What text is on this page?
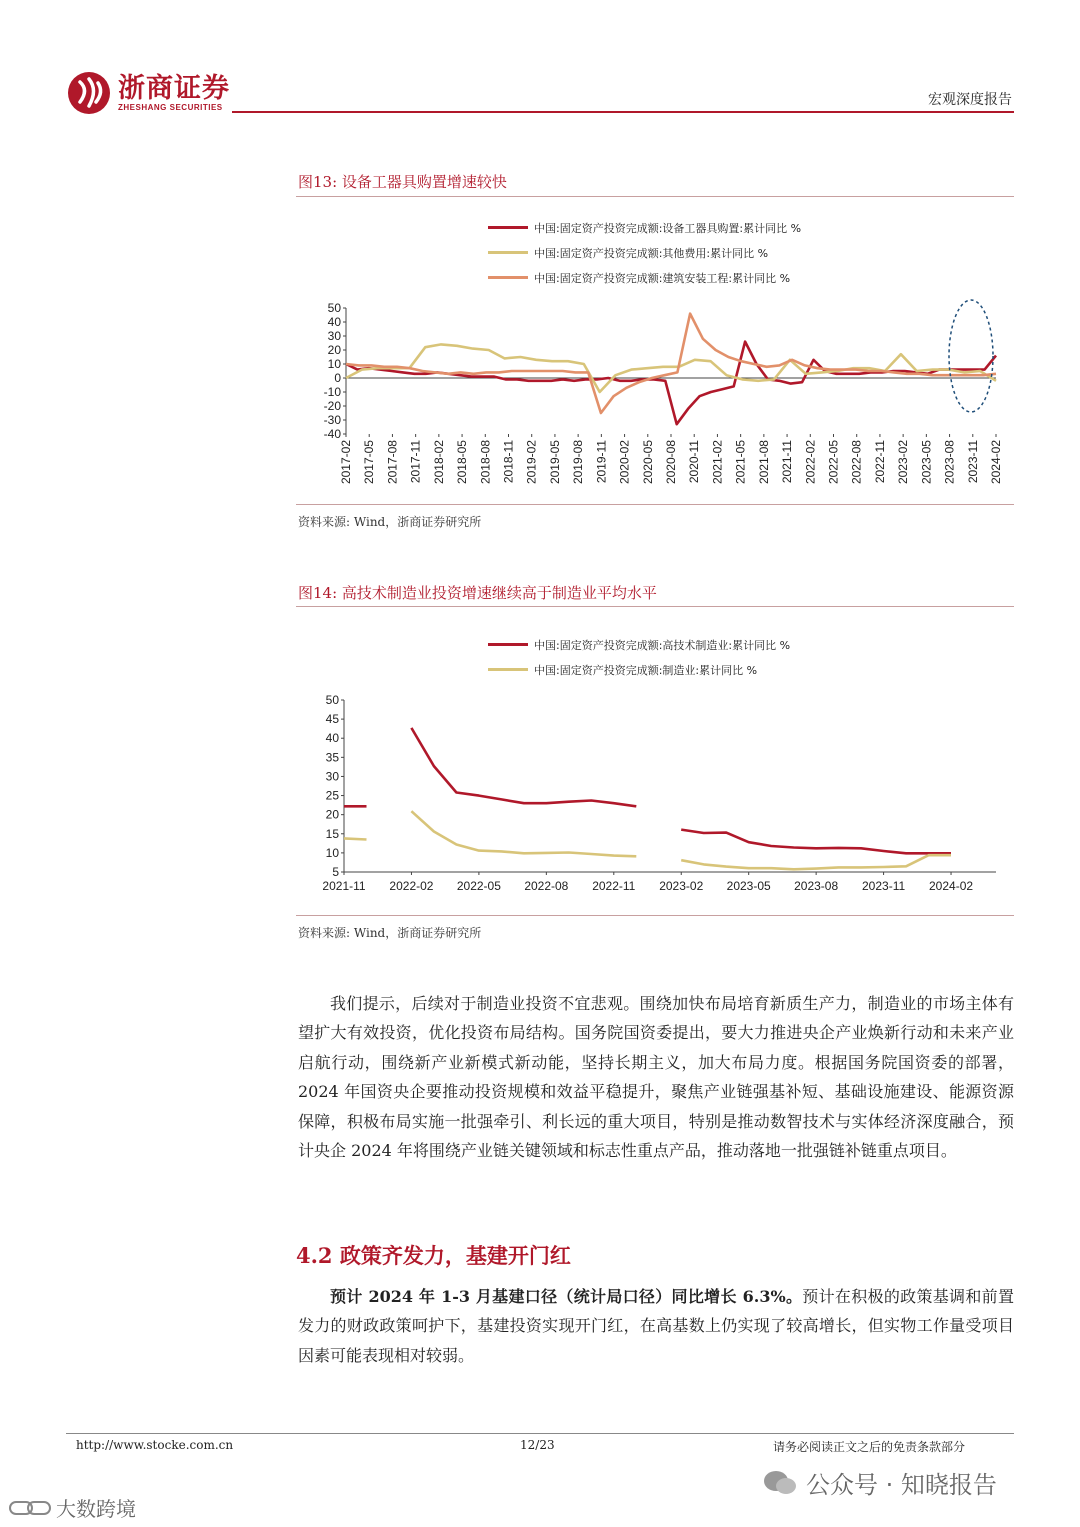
浙商证券
ZHESHANG SECURITIES	宏观深度报告
图13: 设备工器具购置增速较快
中国:固定资产投资完成额:设备工器具购置:累计同比 %
中国:固定资产投资完成额:其他费用:累计同比 %
中国:固定资产投资完成额:建筑安装工程:累计同比 %
50
40
30
20
10
0
-10
-20
-30
-40
2017-02 2017-05 2017-08 2017-11 2018-02 2018-05 2018-08 2018-11 2019-02 2019-05 2019-08 2019-11 2020-02 2020-05 2020-08 2020-11 2021-02 2021-05 2021-08 2021-11 2022-02 2022-05 2022-08 2022-11 2023-02 2023-05 2023-08 2023-11 2024-02
资料来源: Wind，浙商证券研究所
图14: 高技术制造业投资增速继续高于制造业平均水平
中国:固定资产投资完成额:高技术制造业:累计同比 %
中国:固定资产投资完成额:制造业:累计同比 %
50
45
40
35
30
25
20
15
10
5
2021-11 2022-02 2022-05 2022-08 2022-11 2023-02 2023-05 2023-08 2023-11 2024-02
资料来源: Wind，浙商证券研究所

我们提示，后续对于制造业投资不宜悲观。围绕加快布局培育新质生产力，制造业的市场主体有望扩大有效投资，优化投资布局结构。国务院国资委提出，要大力推进央企产业焕新行动和未来产业启航行动，围绕新产业新模式新动能，坚持长期主义，加大布局力度。根据国务院国资委的部署，2024 年国资央企要推动投资规模和效益平稳提升，聚焦产业链强基补短、基础设施建设、能源资源保障，积极布局实施一批强牵引、利长远的重大项目，特别是推动数智技术与实体经济深度融合，预计央企 2024 年将围绕产业链关键领域和标志性重点产品，推动落地一批强链补链重点项目。

4.2 政策齐发力，基建开门红

预计 2024 年 1-3 月基建口径（统计局口径）同比增长 6.3%。预计在积极的政策基调和前置发力的财政政策呵护下，基建投资实现开门红，在高基数上仍实现了较高增长，但实物工作量受项目因素可能表现相对较弱。

http://www.stocke.com.cn	12/23	请务必阅读正文之后的免责条款部分
公众号 · 知晓报告
大数跨境
